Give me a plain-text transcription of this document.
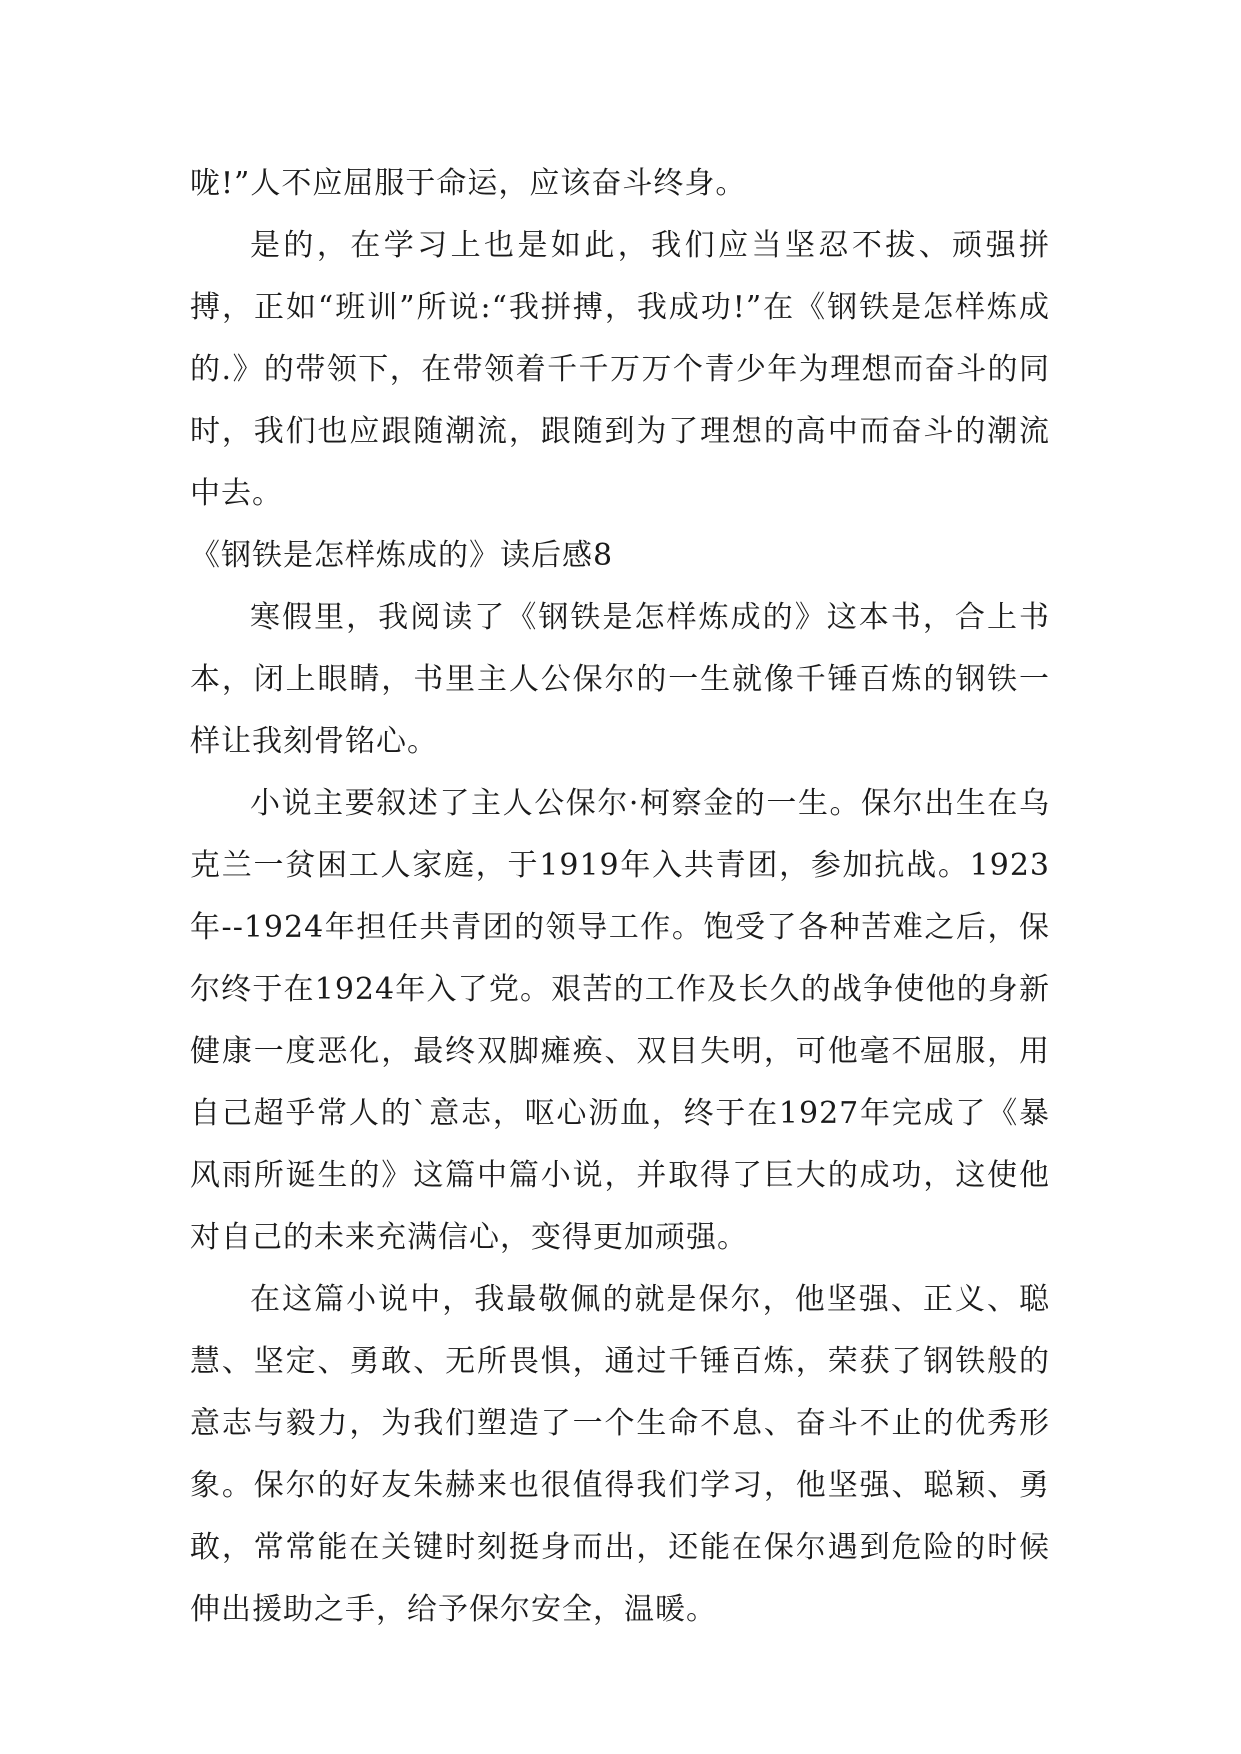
咙!”人不应屈服于命运，应该奋斗终身。

是的，在学习上也是如此，我们应当坚忍不拔、顽强拼搏，正如“班训”所说:“我拼搏，我成功!”在《钢铁是怎样炼成的.》的带领下，在带领着千千万万个青少年为理想而奋斗的同时，我们也应跟随潮流，跟随到为了理想的高中而奋斗的潮流中去。

《钢铁是怎样炼成的》读后感8

寒假里，我阅读了《钢铁是怎样炼成的》这本书，合上书本，闭上眼睛，书里主人公保尔的一生就像千锤百炼的钢铁一样让我刻骨铭心。

小说主要叙述了主人公保尔·柯察金的一生。保尔出生在乌克兰一贫困工人家庭，于1919年入共青团，参加抗战。1923年--1924年担任共青团的领导工作。饱受了各种苦难之后，保尔终于在1924年入了党。艰苦的工作及长久的战争使他的身新健康一度恶化，最终双脚瘫痪、双目失明，可他毫不屈服，用自己超乎常人的`意志，呕心沥血，终于在1927年完成了《暴风雨所诞生的》这篇中篇小说，并取得了巨大的成功，这使他对自己的未来充满信心，变得更加顽强。

在这篇小说中，我最敬佩的就是保尔，他坚强、正义、聪慧、坚定、勇敢、无所畏惧，通过千锤百炼，荣获了钢铁般的意志与毅力，为我们塑造了一个生命不息、奋斗不止的优秀形象。保尔的好友朱赫来也很值得我们学习，他坚强、聪颖、勇敢，常常能在关键时刻挺身而出，还能在保尔遇到危险的时候伸出援助之手，给予保尔安全，温暖。
